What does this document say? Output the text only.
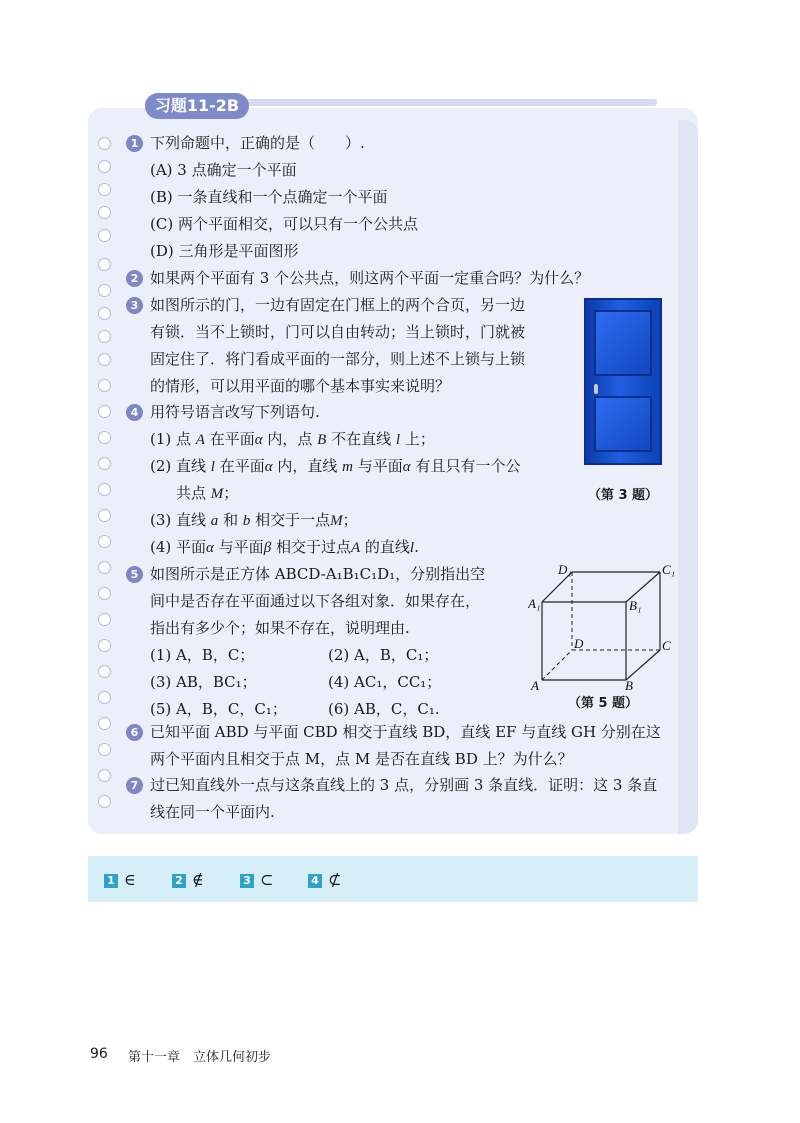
习题11-2B
1 下列命题中，正确的是（　　）.
(A) 3 点确定一个平面
(B) 一条直线和一个点确定一个平面
(C) 两个平面相交，可以只有一个公共点
(D) 三角形是平面图形
2 如果两个平面有 3 个公共点，则这两个平面一定重合吗？为什么？
3 如图所示的门，一边有固定在门框上的两个合页，另一边
有锁．当不上锁时，门可以自由转动；当上锁时，门就被
固定住了．将门看成平面的一部分，则上述不上锁与上锁
的情形，可以用平面的哪个基本事实来说明？
（第 3 题）
4 用符号语言改写下列语句.
(1) 点 A 在平面α 内，点 B 不在直线 l 上；
(2) 直线 l 在平面α 内，直线 m 与平面α 有且只有一个公
共点 M；
(3) 直线 a 和 b 相交于一点M；
(4) 平面α 与平面β 相交于过点A 的直线l.
5 如图所示是正方体 ABCD-A₁B₁C₁D₁，分别指出空
间中是否存在平面通过以下各组对象．如果存在，
指出有多少个；如果不存在，说明理由.
(1) A，B，C；	(2) A，B，C₁；
(3) AB，BC₁；	(4) AC₁，CC₁；
(5) A，B，C，C₁；	(6) AB，C，C₁.
D₁	C₁
A₁	B₁
D	C
A	B
（第 5 题）
6 已知平面 ABD 与平面 CBD 相交于直线 BD，直线 EF 与直线 GH 分别在这
两个平面内且相交于点 M，点 M 是否在直线 BD 上？为什么？
7 过已知直线外一点与这条直线上的 3 点，分别画 3 条直线．证明：这 3 条直
线在同一个平面内.
1 ∈	2 ∉	3 ⊂	4 ⊄
96 第十一章　立体几何初步
